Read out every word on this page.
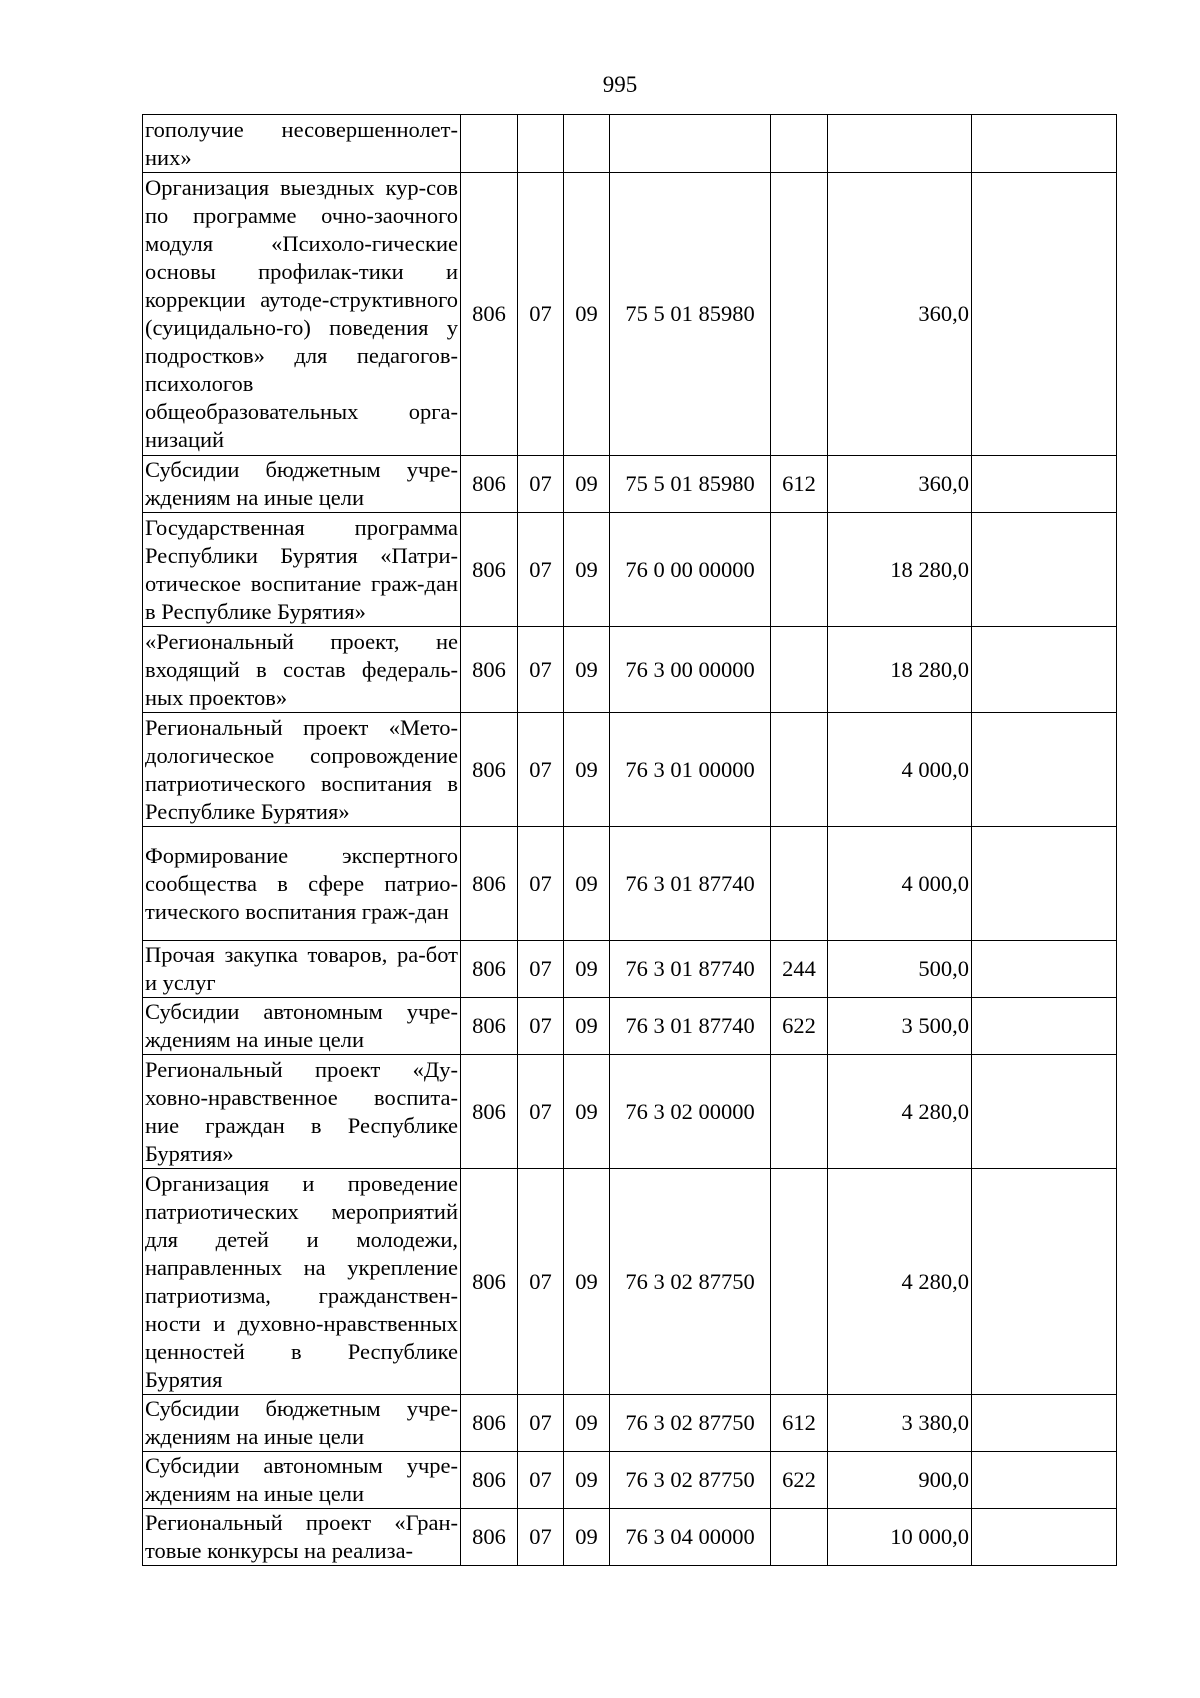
995
гополучие несовершеннолет-них»							
Организация выездных кур-сов по программе очно-заочного модуля «Психоло-гические основы профилак-тики и коррекции аутоде-структивного (суицидально-го) поведения у подростков» для педагогов-психологов общеобразовательных орга-низаций	806	07	09	75 5 01 85980		360,0	
Субсидии бюджетным учре-ждениям на иные цели	806	07	09	75 5 01 85980	612	360,0	
Государственная программа Республики Бурятия «Патри-отическое воспитание граж-дан в Республике Бурятия»	806	07	09	76 0 00 00000		18 280,0	
«Региональный проект, не входящий в состав федераль-ных проектов»	806	07	09	76 3 00 00000		18 280,0	
Региональный проект «Мето-дологическое сопровождение патриотического воспитания в Республике Бурятия»	806	07	09	76 3 01 00000		4 000,0	
Формирование экспертного сообщества в сфере патрио-тического воспитания граж-дан	806	07	09	76 3 01 87740		4 000,0	
Прочая закупка товаров, ра-бот и услуг	806	07	09	76 3 01 87740	244	500,0	
Субсидии автономным учре-ждениям на иные цели	806	07	09	76 3 01 87740	622	3 500,0	
Региональный проект «Ду-ховно-нравственное воспита-ние граждан в Республике Бурятия»	806	07	09	76 3 02 00000		4 280,0	
Организация и проведение патриотических мероприятий для детей и молодежи, направленных на укрепление патриотизма, гражданствен-ности и духовно-нравственных ценностей в Республике Бурятия	806	07	09	76 3 02 87750		4 280,0	
Субсидии бюджетным учре-ждениям на иные цели	806	07	09	76 3 02 87750	612	3 380,0	
Субсидии автономным учре-ждениям на иные цели	806	07	09	76 3 02 87750	622	900,0	
Региональный проект «Гран-товые конкурсы на реализа-	806	07	09	76 3 04 00000		10 000,0	
